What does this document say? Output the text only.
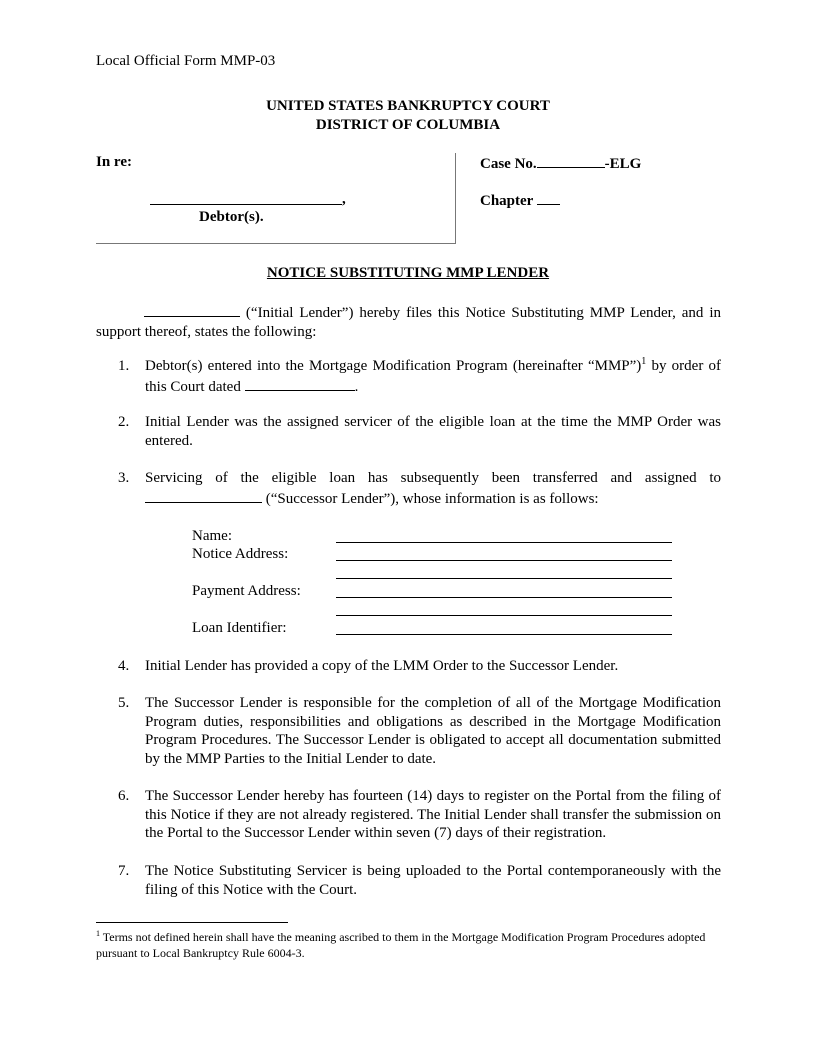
Local Official Form MMP-03
UNITED STATES BANKRUPTCY COURT
DISTRICT OF COLUMBIA
In re:
,
Debtor(s).
Case No.	-ELG
Chapter
NOTICE SUBSTITUTING MMP LENDER
(“Initial Lender”) hereby files this Notice Substituting MMP Lender, and in support thereof, states the following:
1. Debtor(s) entered into the Mortgage Modification Program (hereinafter “MMP”)$^1$ by order of this Court dated	.
2. Initial Lender was the assigned servicer of the eligible loan at the time the MMP Order was entered.
3. Servicing of the eligible loan has subsequently been transferred and assigned to  (“Successor Lender”), whose information is as follows:
Name:
Notice Address:
Payment Address:
Loan Identifier:
4. Initial Lender has provided a copy of the LMM Order to the Successor Lender.
5. The Successor Lender is responsible for the completion of all of the Mortgage Modification Program duties, responsibilities and obligations as described in the Mortgage Modification Program Procedures. The Successor Lender is obligated to accept all documentation submitted by the MMP Parties to the Initial Lender to date.
6. The Successor Lender hereby has fourteen (14) days to register on the Portal from the filing of this Notice if they are not already registered. The Initial Lender shall transfer the submission on the Portal to the Successor Lender within seven (7) days of their registration.
7. The Notice Substituting Servicer is being uploaded to the Portal contemporaneously with the filing of this Notice with the Court.
$^1$ Terms not defined herein shall have the meaning ascribed to them in the Mortgage Modification Program Procedures adopted pursuant to Local Bankruptcy Rule 6004-3.
